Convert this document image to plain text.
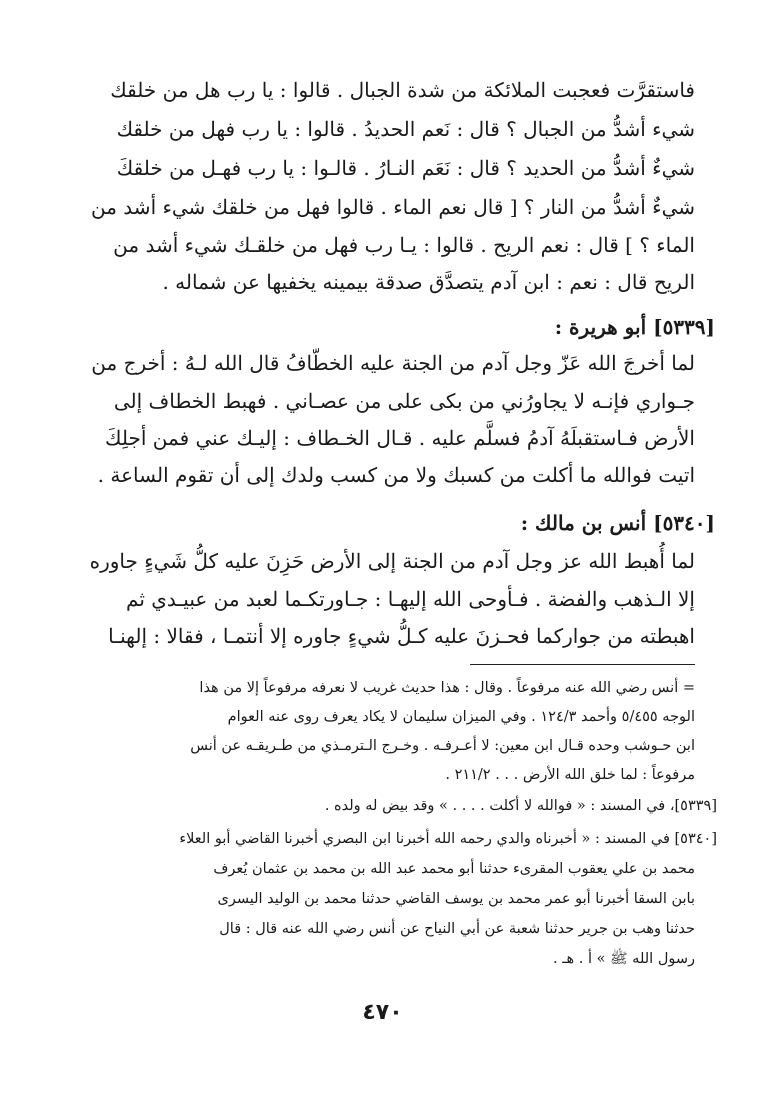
فاستقرَّت فعجبت الملائكة من شدة الجبال . قالوا : يا رب هل من خلقك
شيء أشدُّ من الجبال ؟ قال : نَعم الحديدُ . قالوا : يا رب فهل من خلقك
شيءٌ أشدُّ من الحديد ؟ قال : نَعَم النـارُ . قالـوا : يا رب فهـل من خلقكَ
شيءٌ أشدُّ من النار ؟ [ قال نعم الماء . قالوا فهل من خلقك شيء أشد من
الماء ؟ ] قال : نعم الريح . قالوا : يـا رب فهل من خلقـك شيء أشد من
الريح قال : نعم : ابن آدم يتصدَّق صدقة بيمينه يخفيها عن شماله .
[٥٣٣٩] أبو هريرة :
لما أخرجَ الله عَزّ وجل آدم من الجنة عليه الخطّافُ قال الله لـهُ : أخرج من
جـواري فإنـه لا يجاورُني من بكى على من عصـاني . فهبط الخطاف إلى
الأرض فـاستقبلَهُ آدمُ فسلَّم عليه . قـال الخـطاف : إليـك عني فمن أجلِكَ
اتيت فوالله ما أكلت من كسبك ولا من كسب ولدك إلى أن تقوم الساعة .
[٥٣٤٠] أنس بن مالك :
لما أُهبط الله عز وجل آدم من الجنة إلى الأرض حَزِنَ عليه كلُّ شَيءٍ جاوره
إلا الـذهب والفضة . فـأوحى الله إليهـا : جـاورتكـما لعبد من عبيـدي ثم
اهبطته من جواركما فحـزنَ عليه كـلُّ شيءٍ جاوره إلا أنتمـا ، فقالا : إلهنـا
= أنس رضي الله عنه مرفوعاً . وقال : هذا حديث غريب لا نعرفه مرفوعاً إلا من هذا
الوجه ٥/٤٥٥ وأحمد ١٢٤/٣ . وفي الميزان سليمان لا يكاد يعرف روى عنه العوام
ابن حـوشب وحده قـال ابن معين: لا أعـرفـه . وخـرج الـترمـذي من طـريقـه عن أنس
مرفوعاً : لما خلق الله الأرض . . . ٢١١/٢ .
[٥٣٣٩]، في المسند : « فوالله لا أكلت . . . . » وقد بيض له ولده .
[٥٣٤٠] في المسند : « أخبرناه والدي رحمه الله أخبرنا ابن البصري أخبرنا القاضي أبو العلاء
محمد بن علي يعقوب المقرىء حدثنا أبو محمد عبد الله بن محمد بن عثمان يُعرف
بابن السقا أخبرنا أبو عمر محمد بن يوسف القاضي حدثنا محمد بن الوليد اليسرى
حدثنا وهب بن جرير حدثنا شعبة عن أبي النياح عن أنس رضي الله عنه قال : قال
رسول الله ﷺ » أ . هـ .
٤٧٠
